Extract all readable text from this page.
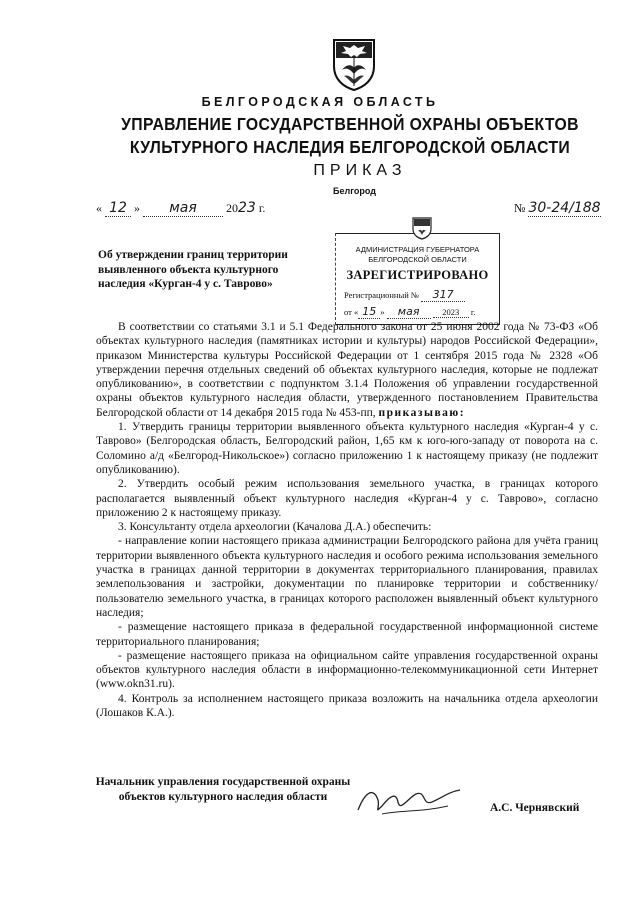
БЕЛГОРОДСКАЯ ОБЛАСТЬ
УПРАВЛЕНИЕ ГОСУДАРСТВЕННОЙ ОХРАНЫ ОБЪЕКТОВ
КУЛЬТУРНОГО НАСЛЕДИЯ БЕЛГОРОДСКОЙ ОБЛАСТИ
ПРИКАЗ
Белгород
« 12 » мая 2023 г.	№ 30-24/188
АДМИНИСТРАЦИЯ ГУБЕРНАТОРА
БЕЛГОРОДСКОЙ ОБЛАСТИ
ЗАРЕГИСТРИРОВАНО
Регистрационный № 317
от « 15 » мая	2023 г.
Об утверждении границ территории выявленного объекта культурного наследия «Курган-4 у с. Таврово»

В соответствии со статьями 3.1 и 5.1 Федерального закона от 25 июня 2002 года № 73-ФЗ «Об объектах культурного наследия (памятниках истории и культуры) народов Российской Федерации», приказом Министерства культуры Российской Федерации от 1 сентября 2015 года № 2328 «Об утверждении перечня отдельных сведений об объектах культурного наследия, которые не подлежат опубликованию», в соответствии с подпунктом 3.1.4 Положения об управлении государственной охраны объектов культурного наследия области, утвержденного постановлением Правительства Белгородской области от 14 декабря 2015 года № 453-пп, приказываю:

1. Утвердить границы территории выявленного объекта культурного наследия «Курган-4 у с. Таврово» (Белгородская область, Белгородский район, 1,65 км к юго-юго-западу от поворота на с. Соломино а/д «Белгород-Никольское») согласно приложению 1 к настоящему приказу (не подлежит опубликованию).

2. Утвердить особый режим использования земельного участка, в границах которого располагается выявленный объект культурного наследия «Курган-4 у с. Таврово», согласно приложению 2 к настоящему приказу.

3. Консультанту отдела археологии (Качалова Д.А.) обеспечить:

- направление копии настоящего приказа администрации Белгородского района для учёта границ территории выявленного объекта культурного наследия и особого режима использования земельного участка в границах данной территории в документах территориального планирования, правилах землепользования и застройки, документации по планировке территории и собственнику/пользователю земельного участка, в границах которого расположен выявленный объект культурного наследия;

- размещение настоящего приказа в федеральной государственной информационной системе территориального планирования;

- размещение настоящего приказа на официальном сайте управления государственной охраны объектов культурного наследия области в информационно-телекоммуникационной сети Интернет (www.okn31.ru).

4. Контроль за исполнением настоящего приказа возложить на начальника отдела археологии (Лошаков К.А.).

Начальник управления государственной охраны объектов культурного наследия области
А.С. Чернявский
